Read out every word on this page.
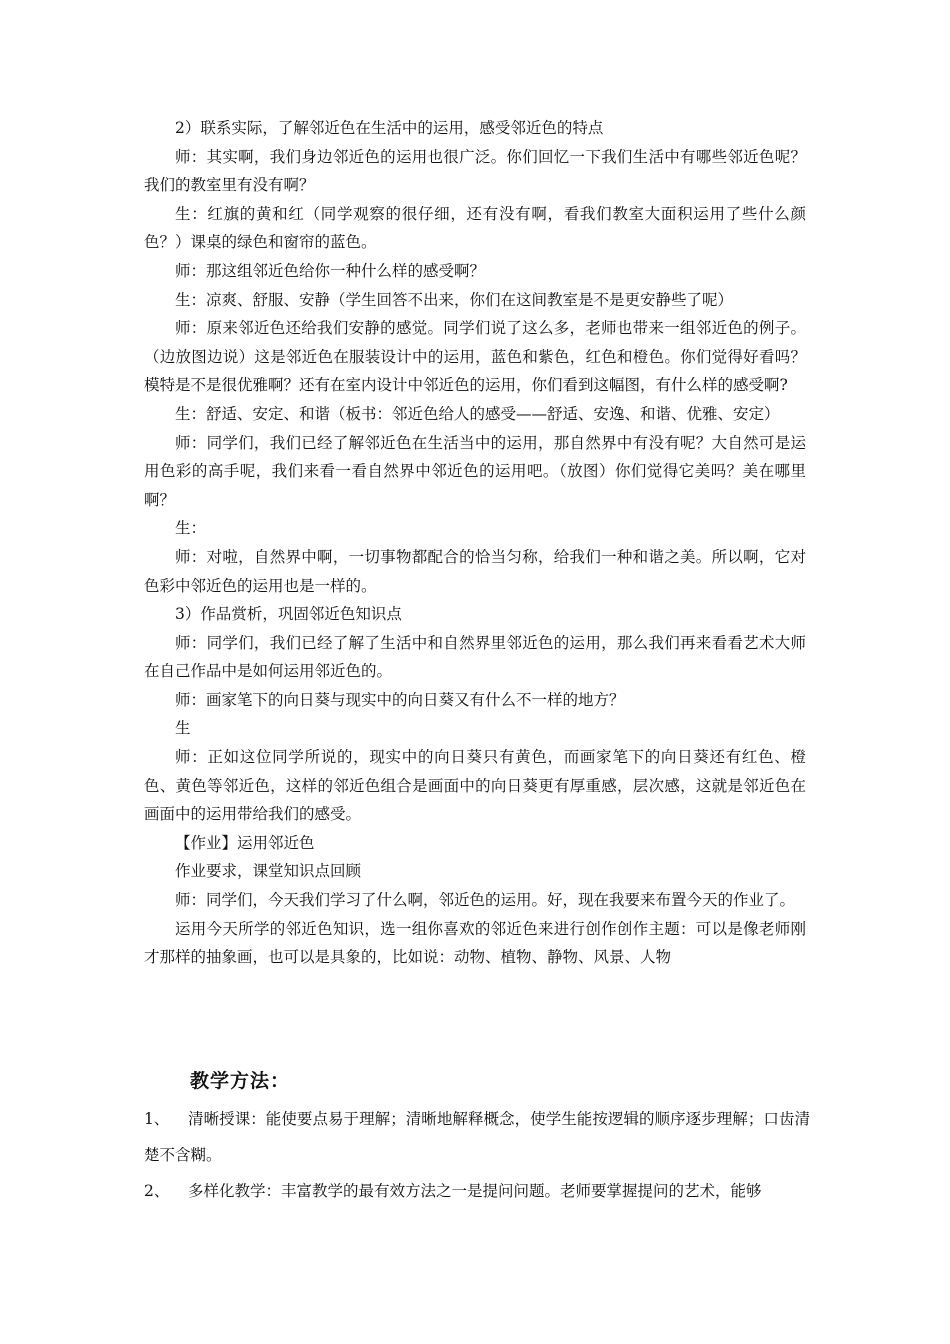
2）联系实际，了解邻近色在生活中的运用，感受邻近色的特点

师：其实啊，我们身边邻近色的运用也很广泛。你们回忆一下我们生活中有哪些邻近色呢？我们的教室里有没有啊？

生：红旗的黄和红（同学观察的很仔细，还有没有啊，看我们教室大面积运用了些什么颜色？）课桌的绿色和窗帘的蓝色。

师：那这组邻近色给你一种什么样的感受啊？

生：凉爽、舒服、安静（学生回答不出来，你们在这间教室是不是更安静些了呢）

师：原来邻近色还给我们安静的感觉。同学们说了这么多，老师也带来一组邻近色的例子。（边放图边说）这是邻近色在服装设计中的运用，蓝色和紫色，红色和橙色。你们觉得好看吗？模特是不是很优雅啊？还有在室内设计中邻近色的运用，你们看到这幅图，有什么样的感受啊?

生：舒适、安定、和谐（板书：邻近色给人的感受——舒适、安逸、和谐、优雅、安定）

师：同学们，我们已经了解邻近色在生活当中的运用，那自然界中有没有呢？大自然可是运用色彩的高手呢，我们来看一看自然界中邻近色的运用吧。（放图）你们觉得它美吗？美在哪里啊？

生：

师：对啦，自然界中啊，一切事物都配合的恰当匀称，给我们一种和谐之美。所以啊，它对色彩中邻近色的运用也是一样的。

3）作品赏析，巩固邻近色知识点

师：同学们，我们已经了解了生活中和自然界里邻近色的运用，那么我们再来看看艺术大师在自己作品中是如何运用邻近色的。

师：画家笔下的向日葵与现实中的向日葵又有什么不一样的地方？

生

师：正如这位同学所说的，现实中的向日葵只有黄色，而画家笔下的向日葵还有红色、橙色、黄色等邻近色，这样的邻近色组合是画面中的向日葵更有厚重感，层次感，这就是邻近色在画面中的运用带给我们的感受。

【作业】运用邻近色

作业要求，课堂知识点回顾

师：同学们，今天我们学习了什么啊，邻近色的运用。好，现在我要来布置今天的作业了。

运用今天所学的邻近色知识，选一组你喜欢的邻近色来进行创作创作主题：可以是像老师刚才那样的抽象画，也可以是具象的，比如说：动物、植物、静物、风景、人物

教学方法：

1、 清晰授课：能使要点易于理解；清晰地解释概念，使学生能按逻辑的顺序逐步理解；口齿清楚不含糊。

2、 多样化教学：丰富教学的最有效方法之一是提问问题。老师要掌握提问的艺术，能够
